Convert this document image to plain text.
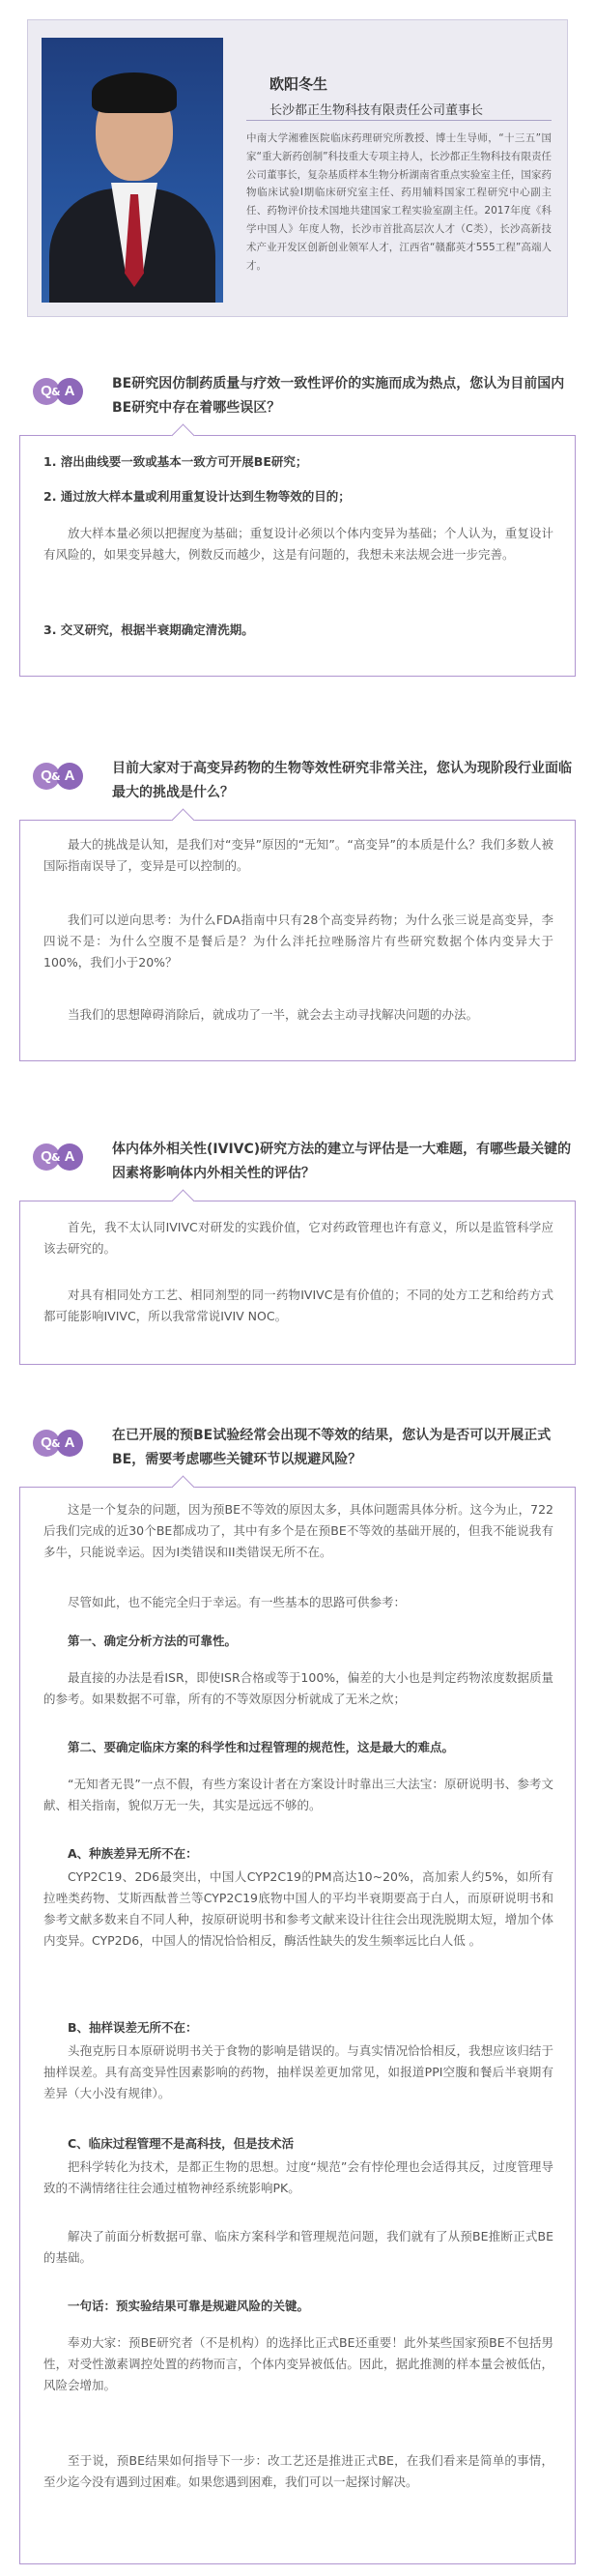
欧阳冬生
长沙都正生物科技有限责任公司董事长
中南大学湘雅医院临床药理研究所教授、博士生导师，“十三五”国家“重大新药创制”科技重大专项主持人，长沙都正生物科技有限责任公司董事长，复杂基质样本生物分析湖南省重点实验室主任，国家药物临床试验I期临床研究室主任、药用辅料国家工程研究中心副主任、药物评价技术国地共建国家工程实验室副主任。2017年度《科学中国人》年度人物，长沙市首批高层次人才（C类），长沙高新技术产业开发区创新创业领军人才，江西省“赣鄱英才555工程”高端人才。
Q A
&
BE研究因仿制药质量与疗效一致性评价的实施而成为热点，您认为目前国内BE研究中存在着哪些误区？

1. 溶出曲线要一致或基本一致方可开展BE研究；

2. 通过放大样本量或利用重复设计达到生物等效的目的；

放大样本量必须以把握度为基础；重复设计必须以个体内变异为基础；个人认为，重复设计有风险的，如果变异越大，例数反而越少，这是有问题的，我想未来法规会进一步完善。

3. 交叉研究，根据半衰期确定清洗期。

Q A
&
目前大家对于高变异药物的生物等效性研究非常关注，您认为现阶段行业面临最大的挑战是什么？

最大的挑战是认知，是我们对“变异”原因的“无知”。“高变异”的本质是什么？我们多数人被国际指南误导了，变异是可以控制的。

我们可以逆向思考：为什么FDA指南中只有28个高变异药物；为什么张三说是高变异，李四说不是：为什么空腹不是餐后是？为什么泮托拉唑肠溶片有些研究数据个体内变异大于100%，我们小于20%？

当我们的思想障碍消除后，就成功了一半，就会去主动寻找解决问题的办法。

Q A
&
体内体外相关性(IVIVC)研究方法的建立与评估是一大难题，有哪些最关键的因素将影响体内外相关性的评估？

首先，我不太认同IVIVC对研发的实践价值，它对药政管理也许有意义，所以是监管科学应该去研究的。

对具有相同处方工艺、相同剂型的同一药物IVIVC是有价值的；不同的处方工艺和给药方式都可能影响IVIVC，所以我常常说IVIV NOC。

Q A
&
在已开展的预BE试验经常会出现不等效的结果，您认为是否可以开展正式BE，需要考虑哪些关键环节以规避风险？

这是一个复杂的问题，因为预BE不等效的原因太多，具体问题需具体分析。这今为止，722后我们完成的近30个BE都成功了，其中有多个是在预BE不等效的基础开展的，但我不能说我有多牛，只能说幸运。因为I类错误和II类错误无所不在。

尽管如此，也不能完全归于幸运。有一些基本的思路可供参考：

第一、确定分析方法的可靠性。

最直接的办法是看ISR，即使ISR合格或等于100%，偏差的大小也是判定药物浓度数据质量的参考。如果数据不可靠，所有的不等效原因分析就成了无米之炊；

第二、要确定临床方案的科学性和过程管理的规范性，这是最大的难点。

“无知者无畏”一点不假，有些方案设计者在方案设计时靠出三大法宝：原研说明书、参考文献、相关指南，貌似万无一失，其实是远远不够的。

A、种族差异无所不在：

CYP2C19、2D6最突出，中国人CYP2C19的PM高达10~20%，高加索人约5%，如所有拉唑类药物、艾斯西酞普兰等CYP2C19底物中国人的平均半衰期要高于白人，而原研说明书和参考文献多数来自不同人种，按原研说明书和参考文献来设计往往会出现洗脱期太短，增加个体内变异。CYP2D6，中国人的情况恰恰相反，酶活性缺失的发生频率远比白人低 。

B、抽样误差无所不在：

头孢克肟日本原研说明书关于食物的影响是错误的。与真实情况恰恰相反，我想应该归结于抽样误差。具有高变异性因素影响的药物，抽样误差更加常见，如报道PPI空腹和餐后半衰期有差异（大小没有规律）。

C、临床过程管理不是高科技，但是技术活

把科学转化为技术，是都正生物的思想。过度“规范”会有悖伦理也会适得其反，过度管理导致的不满情绪往往会通过植物神经系统影响PK。

解决了前面分析数据可靠、临床方案科学和管理规范问题，我们就有了从预BE推断正式BE的基础。

一句话：预实验结果可靠是规避风险的关键。

奉劝大家：预BE研究者（不是机构）的选择比正式BE还重要！此外某些国家预BE不包括男性，对受性激素调控处置的药物而言，个体内变异被低估。因此，据此推测的样本量会被低估，风险会增加。

至于说，预BE结果如何指导下一步：改工艺还是推进正式BE，在我们看来是简单的事情，至少迄今没有遇到过困难。如果您遇到困难，我们可以一起探讨解决。
